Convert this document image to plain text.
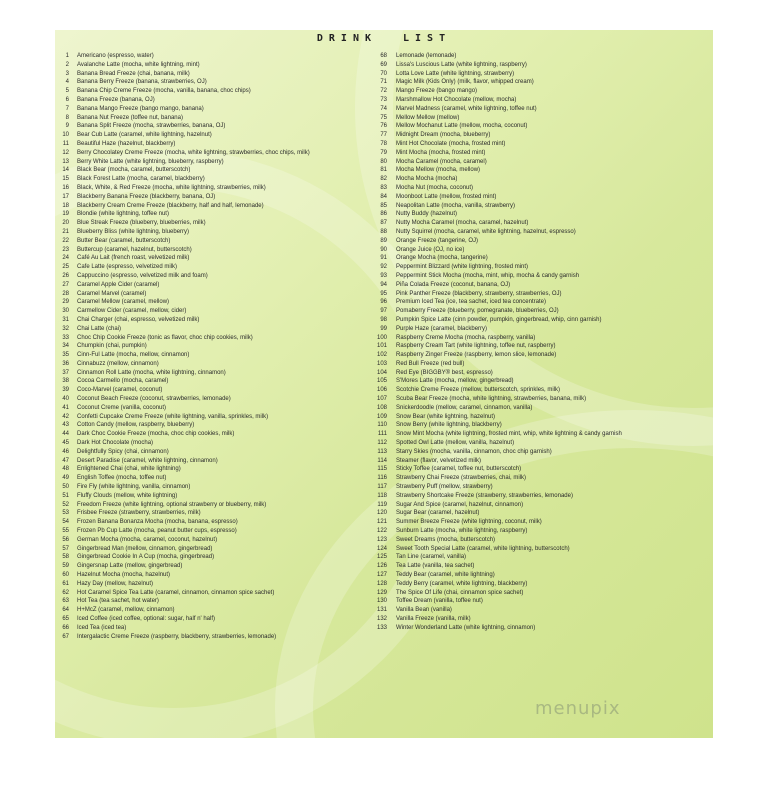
DRINK LIST
1 Americano (espresso, water)
2 Avalanche Latte (mocha, white lightning, mint)
3 Banana Bread Freeze (chai, banana, milk)
4 Banana Berry Freeze (banana, strawberries, OJ)
5 Banana Chip Creme Freeze (mocha, vanilla, banana, choc chips)
6 Banana Freeze (banana, OJ)
7 Banana Mango Freeze (bango mango, banana)
8 Banana Nut Freeze (toffee nut, banana)
9 Banana Split Freeze (mocha, strawberries, banana, OJ)
10 Bear Cub Latte (caramel, white lightning, hazelnut)
11 Beautiful Haze (hazelnut, blackberry)
12 Berry Chocolatey Creme Freeze (mocha, white lightning, strawberries, choc chips, milk)
13 Berry White Latte (white lightning, blueberry, raspberry)
14 Black Bear (mocha, caramel, butterscotch)
15 Black Forest Latte (mocha, caramel, blackberry)
16 Black, White, & Red Freeze (mocha, white lightning, strawberries, milk)
17 Blackberry Banana Freeze (blackberry, banana, OJ)
18 Blackberry Cream Creme Freeze (blackberry, half and half, lemonade)
19 Blondie (white lightning, toffee nut)
20 Blue Streak Freeze (blueberry, blueberries, milk)
21 Blueberry Bliss (white lightning, blueberry)
22 Butter Bear (caramel, butterscotch)
23 Buttercup (caramel, hazelnut, butterscotch)
24 Café Au Lait (french roast, velvetized milk)
25 Cafe Latte (espresso, velvetized milk)
26 Cappuccino (espresso, velvetized milk and foam)
27 Caramel Apple Cider (caramel)
28 Caramel Marvel (caramel)
29 Caramel Mellow (caramel, mellow)
30 Carmellow Cider (caramel, mellow, cider)
31 Chai Charger (chai, espresso, velvetized milk)
32 Chai Latte (chai)
33 Choc Chip Cookie Freeze (tonic as flavor, choc chip cookies, milk)
34 Chumpkin (chai, pumpkin)
35 Cinn-Ful Latte (mocha, mellow, cinnamon)
36 Cinnabuzz (mellow, cinnamon)
37 Cinnamon Roll Latte (mocha, white lightning, cinnamon)
38 Cocoa Carmello (mocha, caramel)
39 Coco-Marvel (caramel, coconut)
40 Coconut Beach Freeze (coconut, strawberries, lemonade)
41 Coconut Creme (vanilla, coconut)
42 Confetti Cupcake Creme Freeze (white lightning, vanilla, sprinkles, milk)
43 Cotton Candy (mellow, raspberry, blueberry)
44 Dark Choc Cookie Freeze (mocha, choc chip cookies, milk)
45 Dark Hot Chocolate (mocha)
46 Delightfully Spicy (chai, cinnamon)
47 Desert Paradise (caramel, white lightning, cinnamon)
48 Enlightened Chai (chai, white lightning)
49 English Toffee (mocha, toffee nut)
50 Fire Fly (white lightning, vanilla, cinnamon)
51 Fluffy Clouds (mellow, white lightning)
52 Freedom Freeze (white lightning, optional strawberry or blueberry, milk)
53 Frisbee Freeze (strawberry, strawberries, milk)
54 Frozen Banana Bonanza Mocha (mocha, banana, espresso)
55 Frozen Pb Cup Latte (mocha, peanut butter cups, espresso)
56 German Mocha (mocha, caramel, coconut, hazelnut)
57 Gingerbread Man (mellow, cinnamon, gingerbread)
58 Gingerbread Cookie In A Cup (mocha, gingerbread)
59 Gingersnap Latte (mellow, gingerbread)
60 Hazelnut Mocha (mocha, hazelnut)
61 Hazy Day (mellow, hazelnut)
62 Hot Caramel Spice Tea Latte (caramel, cinnamon, cinnamon spice sachet)
63 Hot Tea (tea sachet, hot water)
64 H+McZ (caramel, mellow, cinnamon)
65 Iced Coffee (iced coffee, optional: sugar, half n' half)
66 Iced Tea (iced tea)
67 Intergalactic Creme Freeze (raspberry, blackberry, strawberries, lemonade)
68 Lemonade (lemonade)
69 Lissa's Luscious Latte (white lightning, raspberry)
70 Lotta Love Latte (white lightning, strawberry)
71 Magic Milk (Kids Only) (milk, flavor, whipped cream)
72 Mango Freeze (bango mango)
73 Marshmallow Hot Chocolate (mellow, mocha)
74 Marvel Madness (caramel, white lightning, toffee nut)
75 Mellow Mellow (mellow)
76 Mellow Mochanut Latte (mellow, mocha, coconut)
77 Midnight Dream (mocha, blueberry)
78 Mint Hot Chocolate (mocha, frosted mint)
79 Mint Mocha (mocha, frosted mint)
80 Mocha Caramel (mocha, caramel)
81 Mocha Mellow (mocha, mellow)
82 Mocha Mocha (mocha)
83 Mocha Nut (mocha, coconut)
84 Moonboot Latte (mellow, frosted mint)
85 Neapolitan Latte (mocha, vanilla, strawberry)
86 Nutty Buddy (hazelnut)
87 Nutty Mocha Caramel (mocha, caramel, hazelnut)
88 Nutty Squirrel (mocha, caramel, white lightning, hazelnut, espresso)
89 Orange Freeze (tangerine, OJ)
90 Orange Juice (OJ, no ice)
91 Orange Mocha (mocha, tangerine)
92 Peppermint Blizzard (white lightning, frosted mint)
93 Peppermint Stick Mocha (mocha, mint, whip, mocha & candy garnish
94 Piña Colada Freeze (coconut, banana, OJ)
95 Pink Panther Freeze (blackberry, strawberry, strawberries, OJ)
96 Premium Iced Tea (ice, tea sachet, iced tea concentrate)
97 Pomaberry Freeze (blueberry, pomegranate, blueberries, OJ)
98 Pumpkin Spice Latte (cinn powder, pumpkin, gingerbread, whip, cinn garnish)
99 Purple Haze (caramel, blackberry)
100 Raspberry Creme Mocha (mocha, raspberry, vanilla)
101 Raspberry Cream Tart (white lightning, toffee nut, raspberry)
102 Raspberry Zinger Freeze (raspberry, lemon slice, lemonade)
103 Red Bull Freeze (red bull)
104 Red Eye (BIGGBY® best, espresso)
105 S'Mores Latte (mocha, mellow, gingerbread)
106 Scotchie Creme Freeze (mellow, butterscotch, sprinkles, milk)
107 Scuba Bear Freeze (mocha, white lightning, strawberries, banana, milk)
108 Snickerdoodle (mellow, caramel, cinnamon, vanilla)
109 Snow Bear (white lightning, hazelnut)
110 Snow Berry (white lightning, blackberry)
111 Snow Mint Mocha (white lightning, frosted mint, whip, white lightning & candy garnish
112 Spotted Owl Latte (mellow, vanilla, hazelnut)
113 Starry Skies (mocha, vanilla, cinnamon, choc chip garnish)
114 Steamer (flavor, velvetized milk)
115 Sticky Toffee (caramel, toffee nut, butterscotch)
116 Strawberry Chai Freeze (strawberries, chai, milk)
117 Strawberry Puff (mellow, strawberry)
118 Strawberry Shortcake Freeze (strawberry, strawberries, lemonade)
119 Sugar And Spice (caramel, hazelnut, cinnamon)
120 Sugar Bear (caramel, hazelnut)
121 Summer Breeze Freeze (white lightning, coconut, milk)
122 Sunburn Latte (mocha, white lightning, raspberry)
123 Sweet Dreams (mocha, butterscotch)
124 Sweet Tooth Special Latte (caramel, white lightning, butterscotch)
125 Tan Line (caramel, vanilla)
126 Tea Latte (vanilla, tea sachet)
127 Teddy Bear (caramel, white lightning)
128 Teddy Berry (caramel, white lightning, blackberry)
129 The Spice Of Life (chai, cinnamon spice sachet)
130 Toffee Dream (vanilla, toffee nut)
131 Vanilla Bean (vanilla)
132 Vanilla Freeze (vanilla, milk)
133 Winter Wonderland Latte (white lightning, cinnamon)
menupix
